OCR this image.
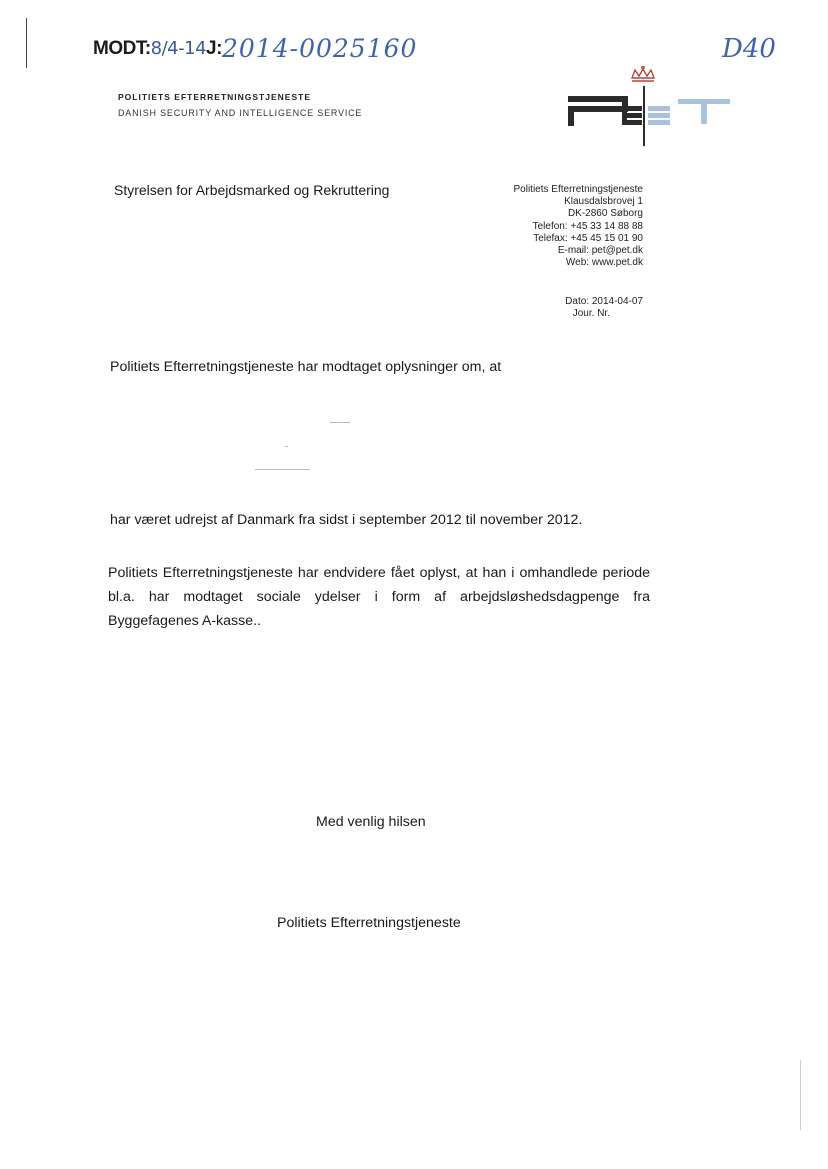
MODT:8/4-14J: 2014-0025160	D40
POLITIETS EFTERRETNINGSTJENESTE
DANISH SECURITY AND INTELLIGENCE SERVICE
Styrelsen for Arbejdsmarked og Rekruttering	Politiets Efterretningstjeneste
Klausdalsbrovej 1
DK-2860 Søborg
Telefon: +45 33 14 88 88
Telefax: +45 45 15 01 90
E-mail: pet@pet.dk
Web: www.pet.dk
Dato: 2014-04-07
Jour. Nr.
Politiets Efterretningstjeneste har modtaget oplysninger om, at
har været udrejst af Danmark fra sidst i september 2012 til november 2012.
Politiets Efterretningstjeneste har endvidere fået oplyst, at han i omhandlede periode bl.a. har modtaget sociale ydelser i form af arbejdsløshedsdagpenge fra Byggefagenes A-kasse..
Med venlig hilsen
Politiets Efterretningstjeneste
